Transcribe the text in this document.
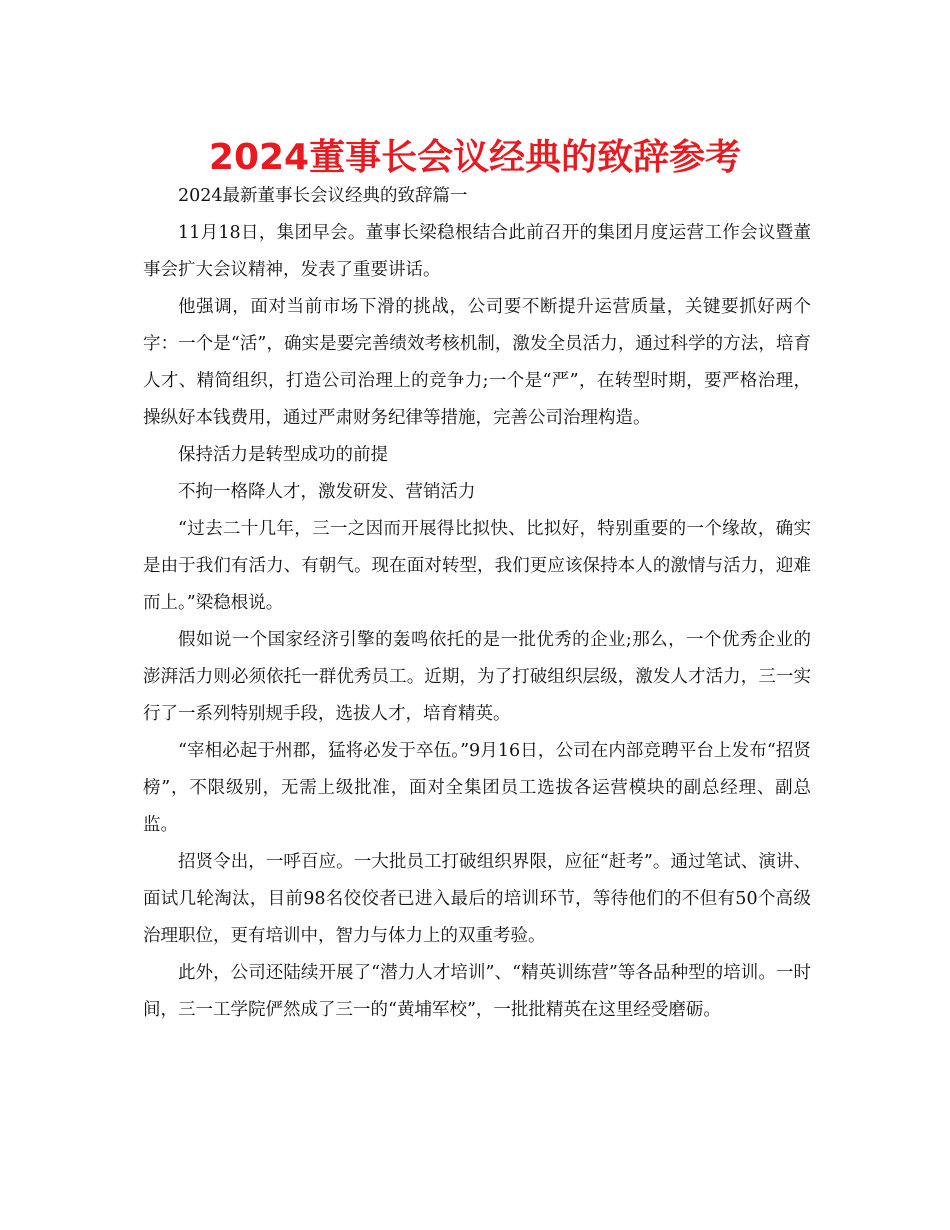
2024董事长会议经典的致辞参考

2024最新董事长会议经典的致辞篇一

11月18日，集团早会。董事长梁稳根结合此前召开的集团月度运营工作会议暨董事会扩大会议精神，发表了重要讲话。

他强调，面对当前市场下滑的挑战，公司要不断提升运营质量，关键要抓好两个字：一个是“活”，确实是要完善绩效考核机制，激发全员活力，通过科学的方法，培育人才、精简组织，打造公司治理上的竞争力;一个是“严”，在转型时期，要严格治理，操纵好本钱费用，通过严肃财务纪律等措施，完善公司治理构造。

保持活力是转型成功的前提

不拘一格降人才，激发研发、营销活力

“过去二十几年，三一之因而开展得比拟快、比拟好，特别重要的一个缘故，确实是由于我们有活力、有朝气。现在面对转型，我们更应该保持本人的激情与活力，迎难而上。”梁稳根说。

假如说一个国家经济引擎的轰鸣依托的是一批优秀的企业;那么，一个优秀企业的澎湃活力则必须依托一群优秀员工。近期，为了打破组织层级，激发人才活力，三一实行了一系列特别规手段，选拔人才，培育精英。

“宰相必起于州郡，猛将必发于卒伍。”9月16日，公司在内部竞聘平台上发布“招贤榜”，不限级别，无需上级批准，面对全集团员工选拔各运营模块的副总经理、副总监。

招贤令出，一呼百应。一大批员工打破组织界限，应征“赶考”。通过笔试、演讲、面试几轮淘汰，目前98名佼佼者已进入最后的培训环节，等待他们的不但有50个高级治理职位，更有培训中，智力与体力上的双重考验。

此外，公司还陆续开展了“潜力人才培训”、“精英训练营”等各品种型的培训。一时间，三一工学院俨然成了三一的“黄埔军校”，一批批精英在这里经受磨砺。
